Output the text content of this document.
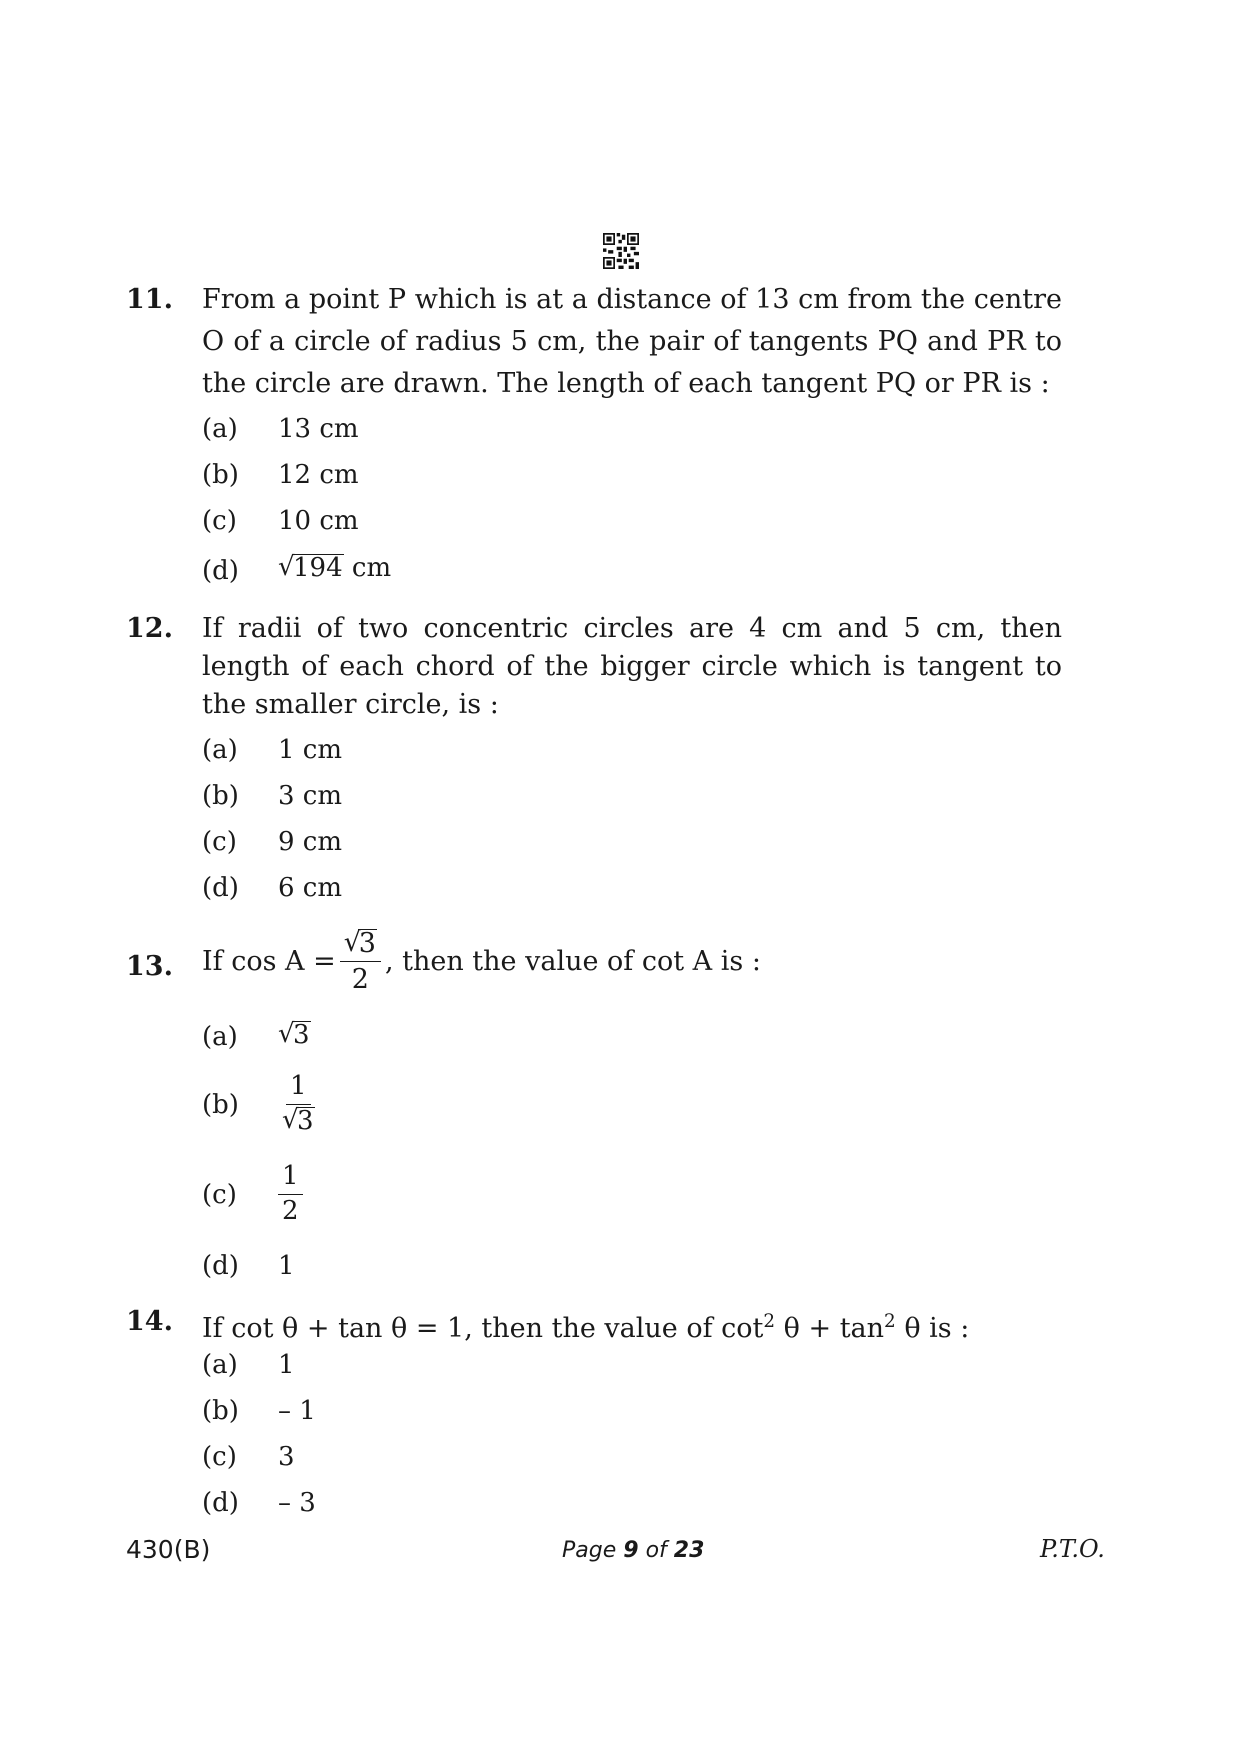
11. From a point P which is at a distance of 13 cm from the centre O of a circle of radius 5 cm, the pair of tangents PQ and PR to the circle are drawn. The length of each tangent PQ or PR is :
(a) 13 cm
(b) 12 cm
(c) 10 cm
(d)	√ 194 cm
12. If radii of two concentric circles are 4 cm and 5 cm, then length of each chord of the bigger circle which is tangent to the smaller circle, is :
(a) 1 cm
(b) 3 cm
(c) 9 cm
(d) 6 cm
13. If cos A = √ $\frac{3}{2}$ , then the value of cot A is :
(a)	√ 3
(b) 1
√ 3
$(c) \frac{1}{2}$
(d) 1
14. If cot θ + tan θ = 1, then the value of $\cot^2 \theta + \tan^2 \theta$ is :
(a) 1
(b) – 1
(c) 3
(d) – 3
430(B)	Page 9 of 23	P.T.O.
